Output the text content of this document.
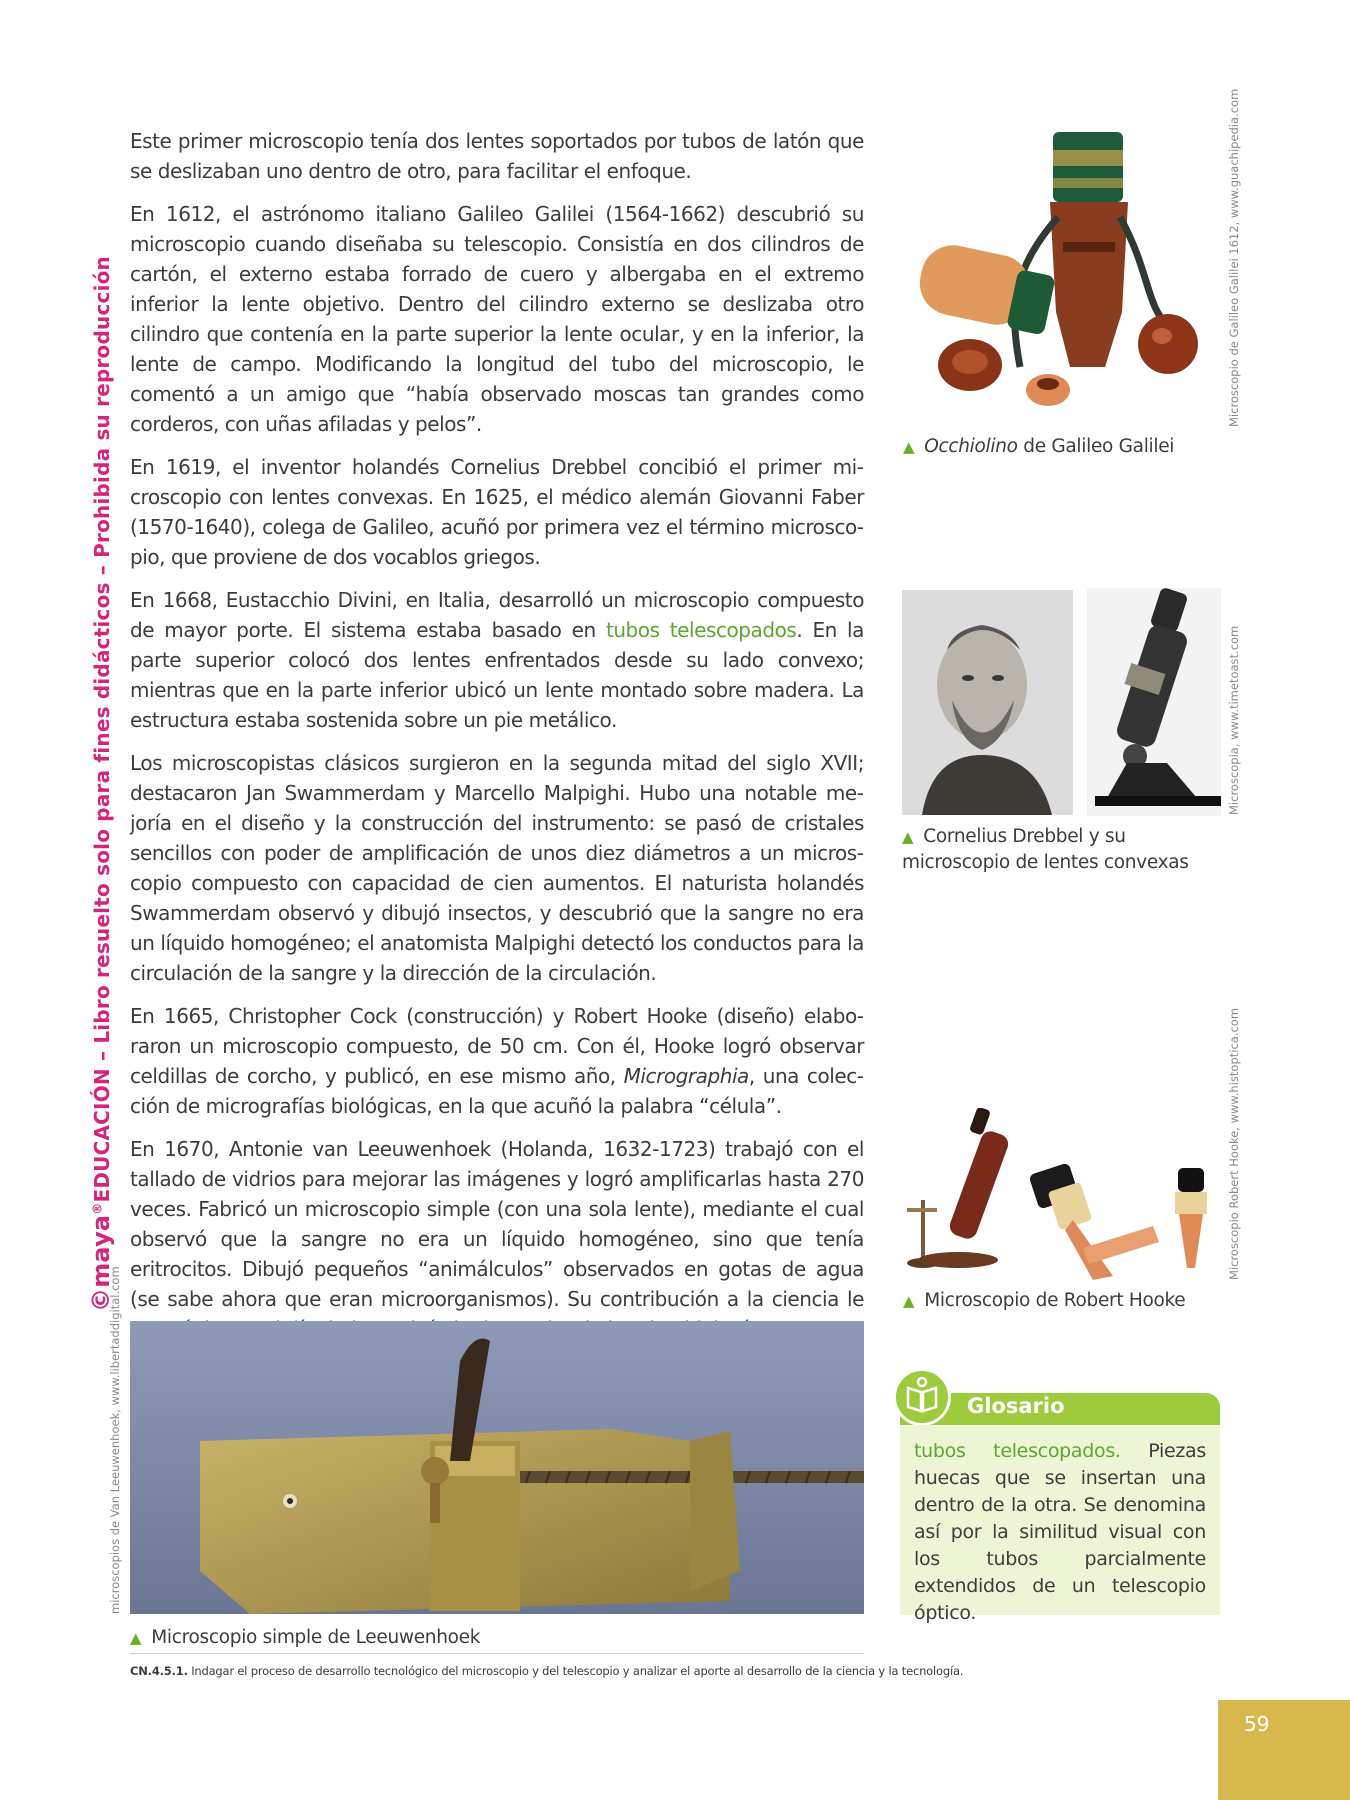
©maya®EDUCACIÓN – Libro resuelto solo para fines didácticos – Prohibida su reproducción

Este primer microscopio tenía dos lentes soportados por tubos de latón que se deslizaban uno dentro de otro, para facilitar el enfoque.

En 1612, el astrónomo italiano Galileo Galilei (1564-1662) descubrió su microscopio cuando diseñaba su telescopio. Consistía en dos cilindros de cartón, el externo estaba forrado de cuero y albergaba en el extremo inferior la lente objetivo. Dentro del cilindro externo se deslizaba otro cilindro que contenía en la parte superior la lente ocular, y en la inferior, la lente de campo. Modificando la longitud del tubo del microscopio, le comentó a un amigo que “había observado moscas tan grandes como corderos, con uñas afiladas y pelos”.

En 1619, el inventor holandés Cornelius Drebbel concibió el primer microscopio con lentes convexas. En 1625, el médico alemán Giovanni Faber (1570-1640), colega de Galileo, acuñó por primera vez el término microscopio, que proviene de dos vocablos griegos.

En 1668, Eustacchio Divini, en Italia, desarrolló un microscopio compuesto de mayor porte. El sistema estaba basado en tubos telescopados. En la parte superior colocó dos lentes enfrentados desde su lado convexo; mientras que en la parte inferior ubicó un lente montado sobre madera. La estructura estaba sostenida sobre un pie metálico.

Los microscopistas clásicos surgieron en la segunda mitad del siglo XVII; destacaron Jan Swammerdam y Marcello Malpighi. Hubo una notable mejoría en el diseño y la construcción del instrumento: se pasó de cristales sencillos con poder de amplificación de unos diez diámetros a un microscopio compuesto con capacidad de cien aumentos. El naturista holandés Swammerdam observó y dibujó insectos, y descubrió que la sangre no era un líquido homogéneo; el anatomista Malpighi detectó los conductos para la circulación de la sangre y la dirección de la circulación.

En 1665, Christopher Cock (construcción) y Robert Hooke (diseño) elaboraron un microscopio compuesto, de 50 cm. Con él, Hooke logró observar celdillas de corcho, y publicó, en ese mismo año, Micrographia, una colección de micrografías biológicas, en la que acuñó la palabra “célula”.

En 1670, Antonie van Leeuwenhoek (Holanda, 1632-1723) trabajó con el tallado de vidrios para mejorar las imágenes y logró amplificarlas hasta 270 veces. Fabricó un microscopio simple (con una sola lente), mediante el cual observó que la sangre no era un líquido homogéneo, sino que tenía eritrocitos. Dibujó pequeños “animálculos” observados en gotas de agua (se sabe ahora que eran microorganismos). Su contribución a la ciencia le

Microscopio de Galileo Galilei 1612, www.guachipedia.com
▲ Occhiolino de Galileo Galilei
Microscopia, www.timetoast.com
▲ Cornelius Drebbel y su microscopio de lentes convexas
Microscopio Robert Hooke, www.histoptica.com
▲ Microscopio de Robert Hooke
microscopios de Van Leeuwenhoek, www.libertaddigital.com
▲ Microscopio simple de Leeuwenhoek
Glosario
tubos telescopados. Piezas huecas que se insertan una dentro de la otra. Se denomina así por la similitud visual con los tubos parcialmente extendidos de un telescopio óptico.
CN.4.5.1. Indagar el proceso de desarrollo tecnológico del microscopio y del telescopio y analizar el aporte al desarrollo de la ciencia y la tecnología.
59
